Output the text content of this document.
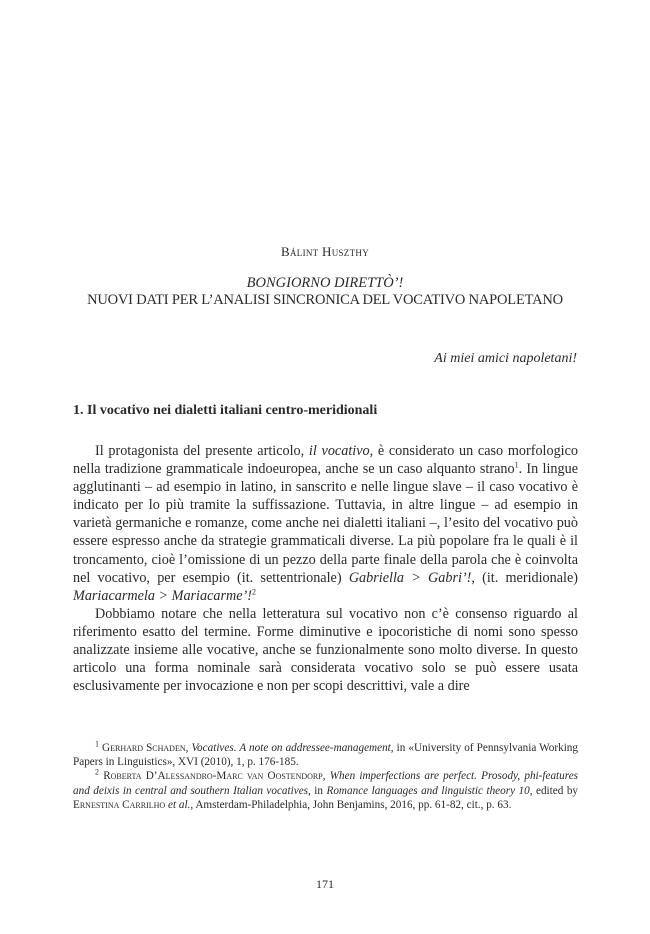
Bálint Huszthy
BONGIORNO DIRETTÒ’!
NUOVI DATI PER L’ANALISI SINCRONICA DEL VOCATIVO NAPOLETANO
Ai miei amici napoletani!
1. Il vocativo nei dialetti italiani centro-meridionali

Il protagonista del presente articolo, il vocativo, è considerato un caso morfologico nella tradizione grammaticale indoeuropea, anche se un caso alquanto strano$^1$. In lingue agglutinanti – ad esempio in latino, in sanscrito e nelle lingue slave – il caso vocativo è indicato per lo più tramite la suffissazione. Tuttavia, in altre lingue – ad esempio in varietà germaniche e romanze, come anche nei dialetti italiani –, l’esito del vocativo può essere espresso anche da strategie grammaticali diverse. La più popolare fra le quali è il troncamento, cioè l’omissione di un pezzo della parte finale della parola che è coinvolta nel vocativo, per esempio (it. settentrionale) Gabriella > Gabri’!, (it. meridionale) Mariacarmela > Mariacarme’!$^2$

Dobbiamo notare che nella letteratura sul vocativo non c’è consenso riguardo al riferimento esatto del termine. Forme diminutive e ipocoristiche di nomi sono spesso analizzate insieme alle vocative, anche se funzionalmente sono molto diverse. In questo articolo una forma nominale sarà considerata vocativo solo se può essere usata esclusivamente per invocazione e non per scopi descrittivi, vale a dire

$^1$ Gerhard Schaden, Vocatives. A note on addressee-management, in «University of Pennsylvania Working Papers in Linguistics», XVI (2010), 1, p. 176-185.

$^2$ Roberta D’Alessandro-Marc van Oostendorp, When imperfections are perfect. Prosody, phi-features and deixis in central and southern Italian vocatives, in Romance languages and linguistic theory 10, edited by Ernestina Carrilho et al., Amsterdam-Philadelphia, John Benjamins, 2016, pp. 61-82, cit., p. 63.

171
